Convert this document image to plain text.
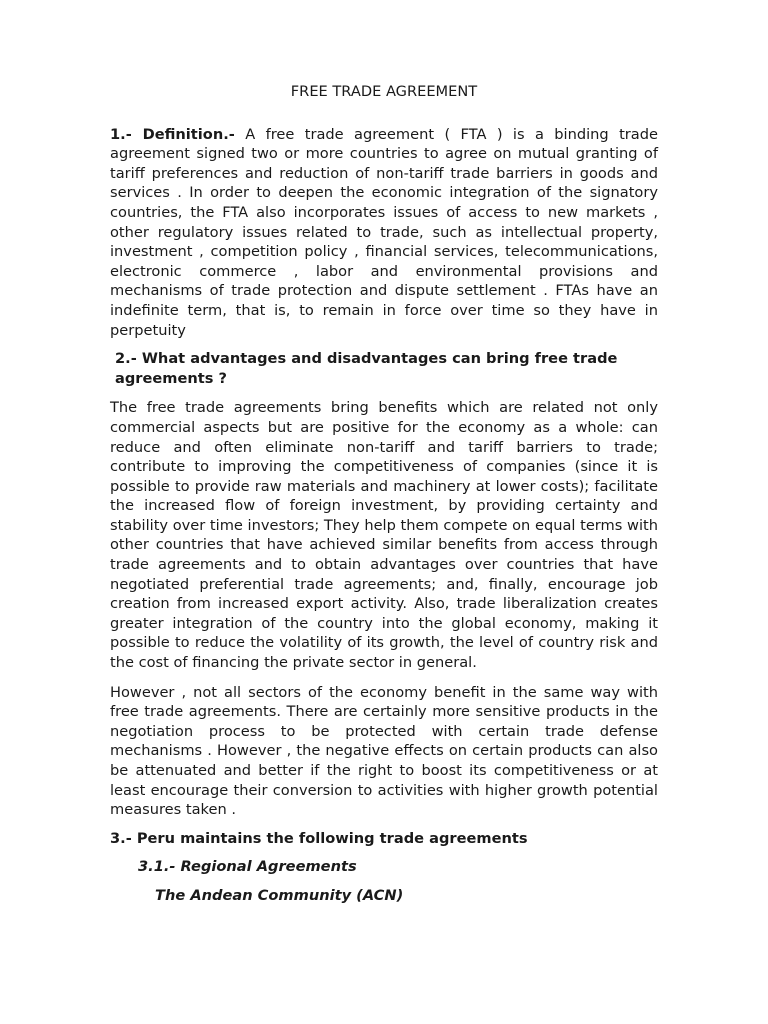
FREE TRADE AGREEMENT

1.- Definition.- A free trade agreement ( FTA ) is a binding trade agreement signed two or more countries to agree on mutual granting of tariff preferences and reduction of non-tariff trade barriers in goods and services . In order to deepen the economic integration of the signatory countries, the FTA also incorporates issues of access to new markets , other regulatory issues related to trade, such as intellectual property, investment , competition policy , financial services, telecommunications, electronic commerce , labor and environmental provisions and mechanisms of trade protection and dispute settlement . FTAs have an indefinite term, that is, to remain in force over time so they have in perpetuity

2.- What advantages and disadvantages can bring free trade agreements ?

The free trade agreements bring benefits which are related not only commercial aspects but are positive for the economy as a whole: can reduce and often eliminate non-tariff and tariff barriers to trade; contribute to improving the competitiveness of companies (since it is possible to provide raw materials and machinery at lower costs); facilitate the increased flow of foreign investment, by providing certainty and stability over time investors; They help them compete on equal terms with other countries that have achieved similar benefits from access through trade agreements and to obtain advantages over countries that have negotiated preferential trade agreements; and, finally, encourage job creation from increased export activity. Also, trade liberalization creates greater integration of the country into the global economy, making it possible to reduce the volatility of its growth, the level of country risk and the cost of financing the private sector in general.

However , not all sectors of the economy benefit in the same way with free trade agreements. There are certainly more sensitive products in the negotiation process to be protected with certain trade defense mechanisms . However , the negative effects on certain products can also be attenuated and better if the right to boost its competitiveness or at least encourage their conversion to activities with higher growth potential measures taken .

3.- Peru maintains the following trade agreements

3.1.- Regional Agreements

The Andean Community (ACN)
